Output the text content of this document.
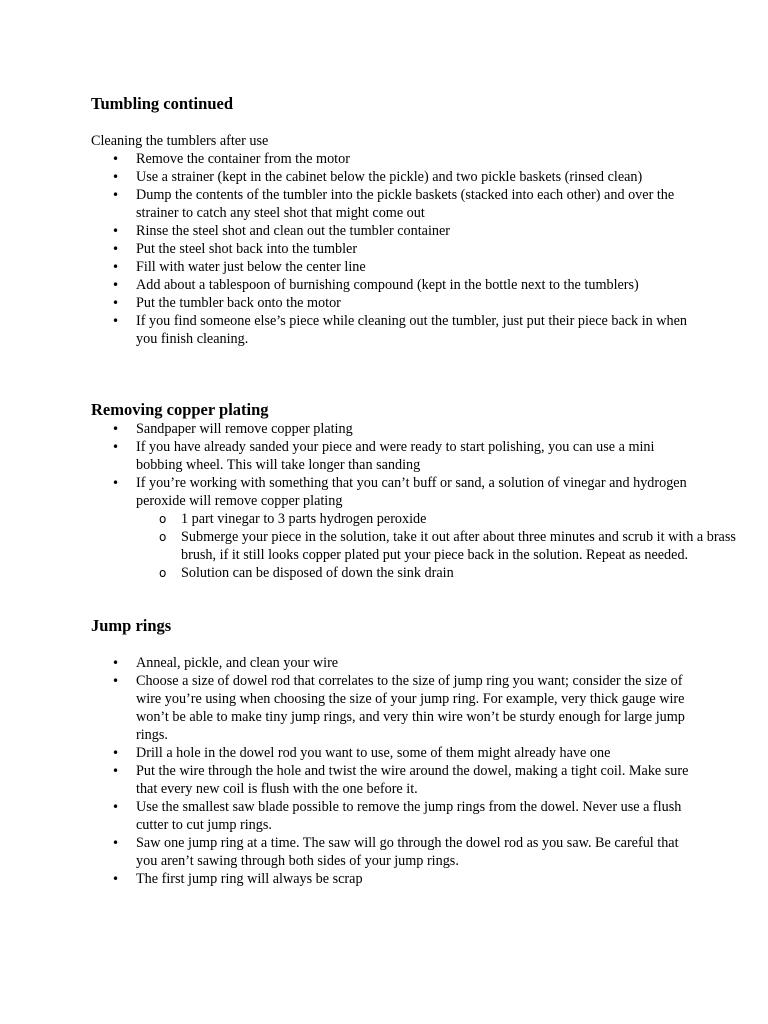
Tumbling continued

Cleaning the tumblers after use

• Remove the container from the motor
• Use a strainer (kept in the cabinet below the pickle) and two pickle baskets (rinsed clean)
• Dump the contents of the tumbler into the pickle baskets (stacked into each other) and over the strainer to catch any steel shot that might come out
• Rinse the steel shot and clean out the tumbler container
• Put the steel shot back into the tumbler
• Fill with water just below the center line
• Add about a tablespoon of burnishing compound (kept in the bottle next to the tumblers)
• Put the tumbler back onto the motor
• If you find someone else’s piece while cleaning out the tumbler, just put their piece back in when you finish cleaning.
Removing copper plating
• Sandpaper will remove copper plating
• If you have already sanded your piece and were ready to start polishing, you can use a mini bobbing wheel. This will take longer than sanding
• If you’re working with something that you can’t buff or sand, a solution of vinegar and hydrogen peroxide will remove copper plating
o 1 part vinegar to 3 parts hydrogen peroxide
o Submerge your piece in the solution, take it out after about three minutes and scrub it with a brass brush, if it still looks copper plated put your piece back in the solution. Repeat as needed.
o Solution can be disposed of down the sink drain
Jump rings
• Anneal, pickle, and clean your wire
• Choose a size of dowel rod that correlates to the size of jump ring you want; consider the size of wire you’re using when choosing the size of your jump ring. For example, very thick gauge wire won’t be able to make tiny jump rings, and very thin wire won’t be sturdy enough for large jump rings.
• Drill a hole in the dowel rod you want to use, some of them might already have one
• Put the wire through the hole and twist the wire around the dowel, making a tight coil. Make sure that every new coil is flush with the one before it.
• Use the smallest saw blade possible to remove the jump rings from the dowel. Never use a flush cutter to cut jump rings.
• Saw one jump ring at a time. The saw will go through the dowel rod as you saw. Be careful that you aren’t sawing through both sides of your jump rings.
• The first jump ring will always be scrap
